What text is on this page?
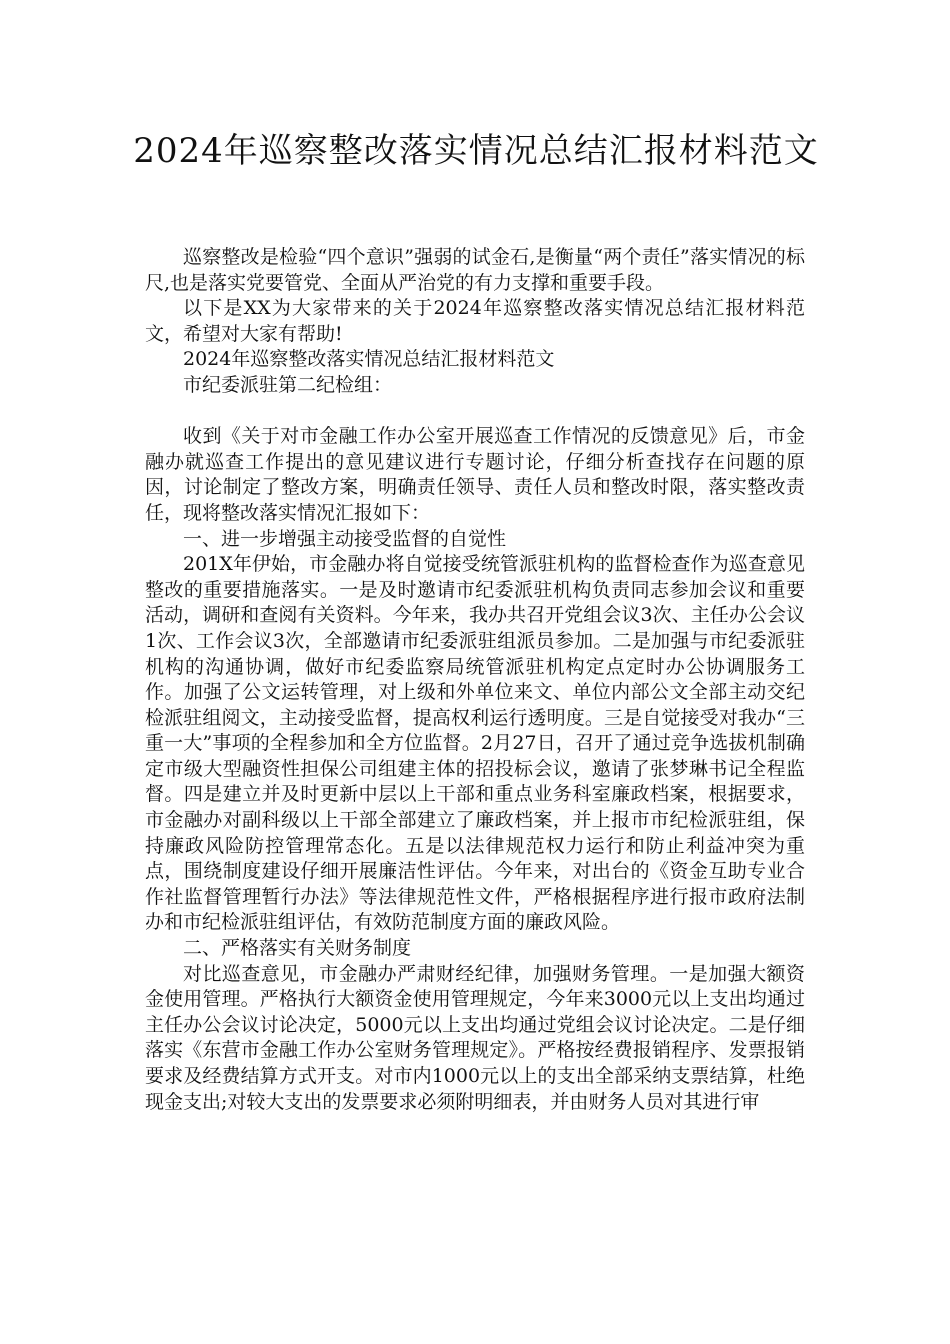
2024年巡察整改落实情况总结汇报材料范文

巡察整改是检验“四个意识”强弱的试金石,是衡量“两个责任”落实情况的标尺,也是落实党要管党、全面从严治党的有力支撑和重要手段。

以下是XX为大家带来的关于2024年巡察整改落实情况总结汇报材料范文，希望对大家有帮助!

2024年巡察整改落实情况总结汇报材料范文

市纪委派驻第二纪检组：

收到《关于对市金融工作办公室开展巡查工作情况的反馈意见》后，市金融办就巡查工作提出的意见建议进行专题讨论，仔细分析查找存在问题的原因，讨论制定了整改方案，明确责任领导、责任人员和整改时限，落实整改责任，现将整改落实情况汇报如下：

一、进一步增强主动接受监督的自觉性

201X年伊始，市金融办将自觉接受统管派驻机构的监督检查作为巡查意见整改的重要措施落实。一是及时邀请市纪委派驻机构负责同志参加会议和重要活动，调研和查阅有关资料。今年来，我办共召开党组会议3次、主任办公会议1次、工作会议3次，全部邀请市纪委派驻组派员参加。二是加强与市纪委派驻机构的沟通协调，做好市纪委监察局统管派驻机构定点定时办公协调服务工作。加强了公文运转管理，对上级和外单位来文、单位内部公文全部主动交纪检派驻组阅文，主动接受监督，提高权利运行透明度。三是自觉接受对我办“三重一大”事项的全程参加和全方位监督。2月27日，召开了通过竞争选拔机制确定市级大型融资性担保公司组建主体的招投标会议，邀请了张梦琳书记全程监督。四是建立并及时更新中层以上干部和重点业务科室廉政档案，根据要求，市金融办对副科级以上干部全部建立了廉政档案，并上报市市纪检派驻组，保持廉政风险防控管理常态化。五是以法律规范权力运行和防止利益冲突为重点，围绕制度建设仔细开展廉洁性评估。今年来，对出台的《资金互助专业合作社监督管理暂行办法》等法律规范性文件，严格根据程序进行报市政府法制办和市纪检派驻组评估，有效防范制度方面的廉政风险。

二、严格落实有关财务制度

对比巡查意见，市金融办严肃财经纪律，加强财务管理。一是加强大额资金使用管理。严格执行大额资金使用管理规定，今年来3000元以上支出均通过主任办公会议讨论决定，5000元以上支出均通过党组会议讨论决定。二是仔细落实《东营市金融工作办公室财务管理规定》。严格按经费报销程序、发票报销要求及经费结算方式开支。对市内1000元以上的支出全部采纳支票结算，杜绝现金支出;对较大支出的发票要求必须附明细表，并由财务人员对其进行审
